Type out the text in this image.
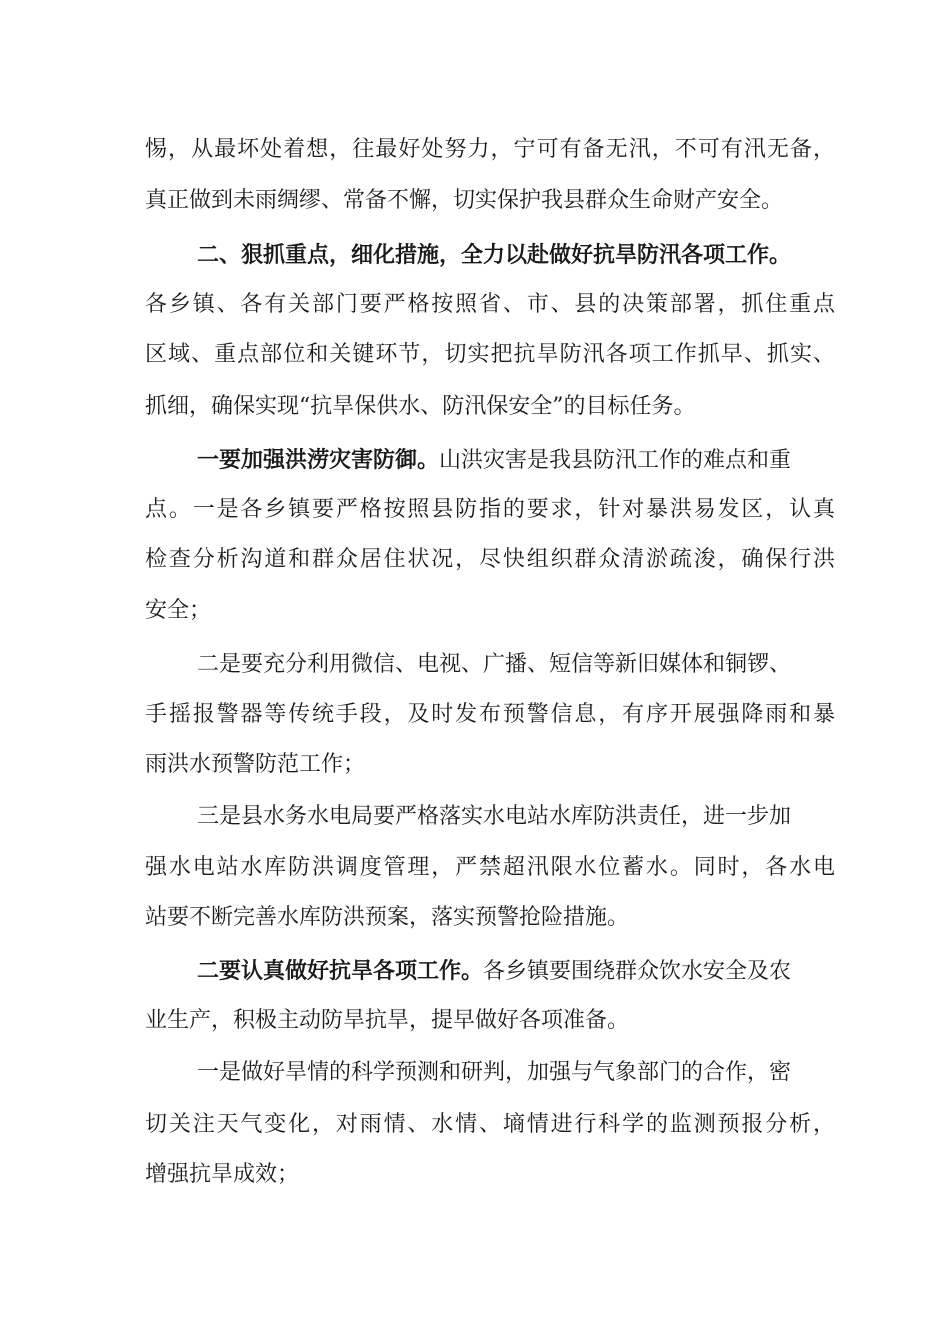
惕，从最坏处着想，往最好处努力，宁可有备无汛，不可有汛无备，

真正做到未雨绸缪、常备不懈，切实保护我县群众生命财产安全。

二、狠抓重点，细化措施，全力以赴做好抗旱防汛各项工作。

各乡镇、各有关部门要严格按照省、市、县的决策部署，抓住重点

区域、重点部位和关键环节，切实把抗旱防汛各项工作抓早、抓实、

抓细，确保实现“抗旱保供水、防汛保安全”的目标任务。

一要加强洪涝灾害防御。山洪灾害是我县防汛工作的难点和重

点。一是各乡镇要严格按照县防指的要求，针对暴洪易发区，认真

检查分析沟道和群众居住状况，尽快组织群众清淤疏浚，确保行洪

安全；

二是要充分利用微信、电视、广播、短信等新旧媒体和铜锣、

手摇报警器等传统手段，及时发布预警信息，有序开展强降雨和暴

雨洪水预警防范工作；

三是县水务水电局要严格落实水电站水库防洪责任，进一步加

强水电站水库防洪调度管理，严禁超汛限水位蓄水。同时，各水电

站要不断完善水库防洪预案，落实预警抢险措施。

二要认真做好抗旱各项工作。各乡镇要围绕群众饮水安全及农

业生产，积极主动防旱抗旱，提早做好各项准备。

一是做好旱情的科学预测和研判，加强与气象部门的合作，密

切关注天气变化，对雨情、水情、墒情进行科学的监测预报分析，

增强抗旱成效；
